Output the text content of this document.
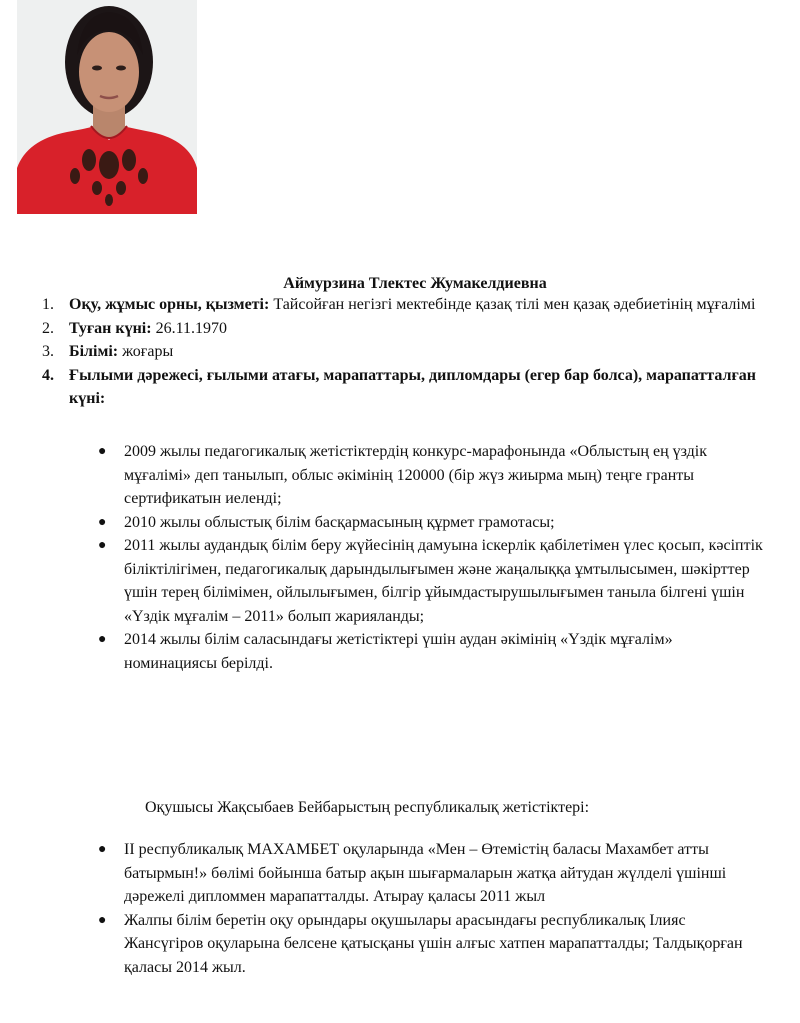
Аймурзина Тлектес Жумакелдиевна
1. Оқу, жұмыс орны, қызметі: Тайсойған негізгі мектебінде қазақ тілі мен қазақ әдебиетінің мұғалімі
2. Туған күні: 26.11.1970
3. Білімі: жоғары
4. Ғылыми дәрежесі, ғылыми атағы, марапаттары, дипломдары (егер бар болса), марапатталған күні:
● 2009 жылы педагогикалық жетістіктердің конкурс-марафонында «Облыстың ең үздік мұғалімі» деп танылып, облыс әкімінің 120000 (бір жүз жиырма мың) теңге гранты сертификатын иеленді;
● 2010 жылы облыстық білім басқармасының құрмет грамотасы;
● 2011 жылы аудандық білім беру жүйесінің дамуына іскерлік қабілетімен үлес қосып, кәсіптік біліктілігімен, педагогикалық дарындылығымен және жаңалыққа ұмтылысымен, шәкірттер үшін терең білімімен, ойлылығымен, білгір ұйымдастырушылығымен таныла білгені үшін «Үздік мұғалім – 2011» болып жарияланды;
● 2014 жылы білім саласындағы жетістіктері үшін аудан әкімінің «Үздік мұғалім» номинациясы берілді.
Оқушысы Жақсыбаев Бейбарыстың республикалық жетістіктері:
● ІІ республикалық МАХАМБЕТ оқуларында «Мен – Өтемістің баласы Махамбет атты батырмын!» бөлімі бойынша батыр ақын шығармаларын жатқа айтудан жүлделі үшінші дәрежелі дипломмен марапатталды. Атырау қаласы 2011 жыл
● Жалпы білім беретін оқу орындары оқушылары арасындағы республикалық Ілияс Жансүгіров оқуларына белсене қатысқаны үшін алғыс хатпен марапатталды; Талдықорған қаласы 2014 жыл.
